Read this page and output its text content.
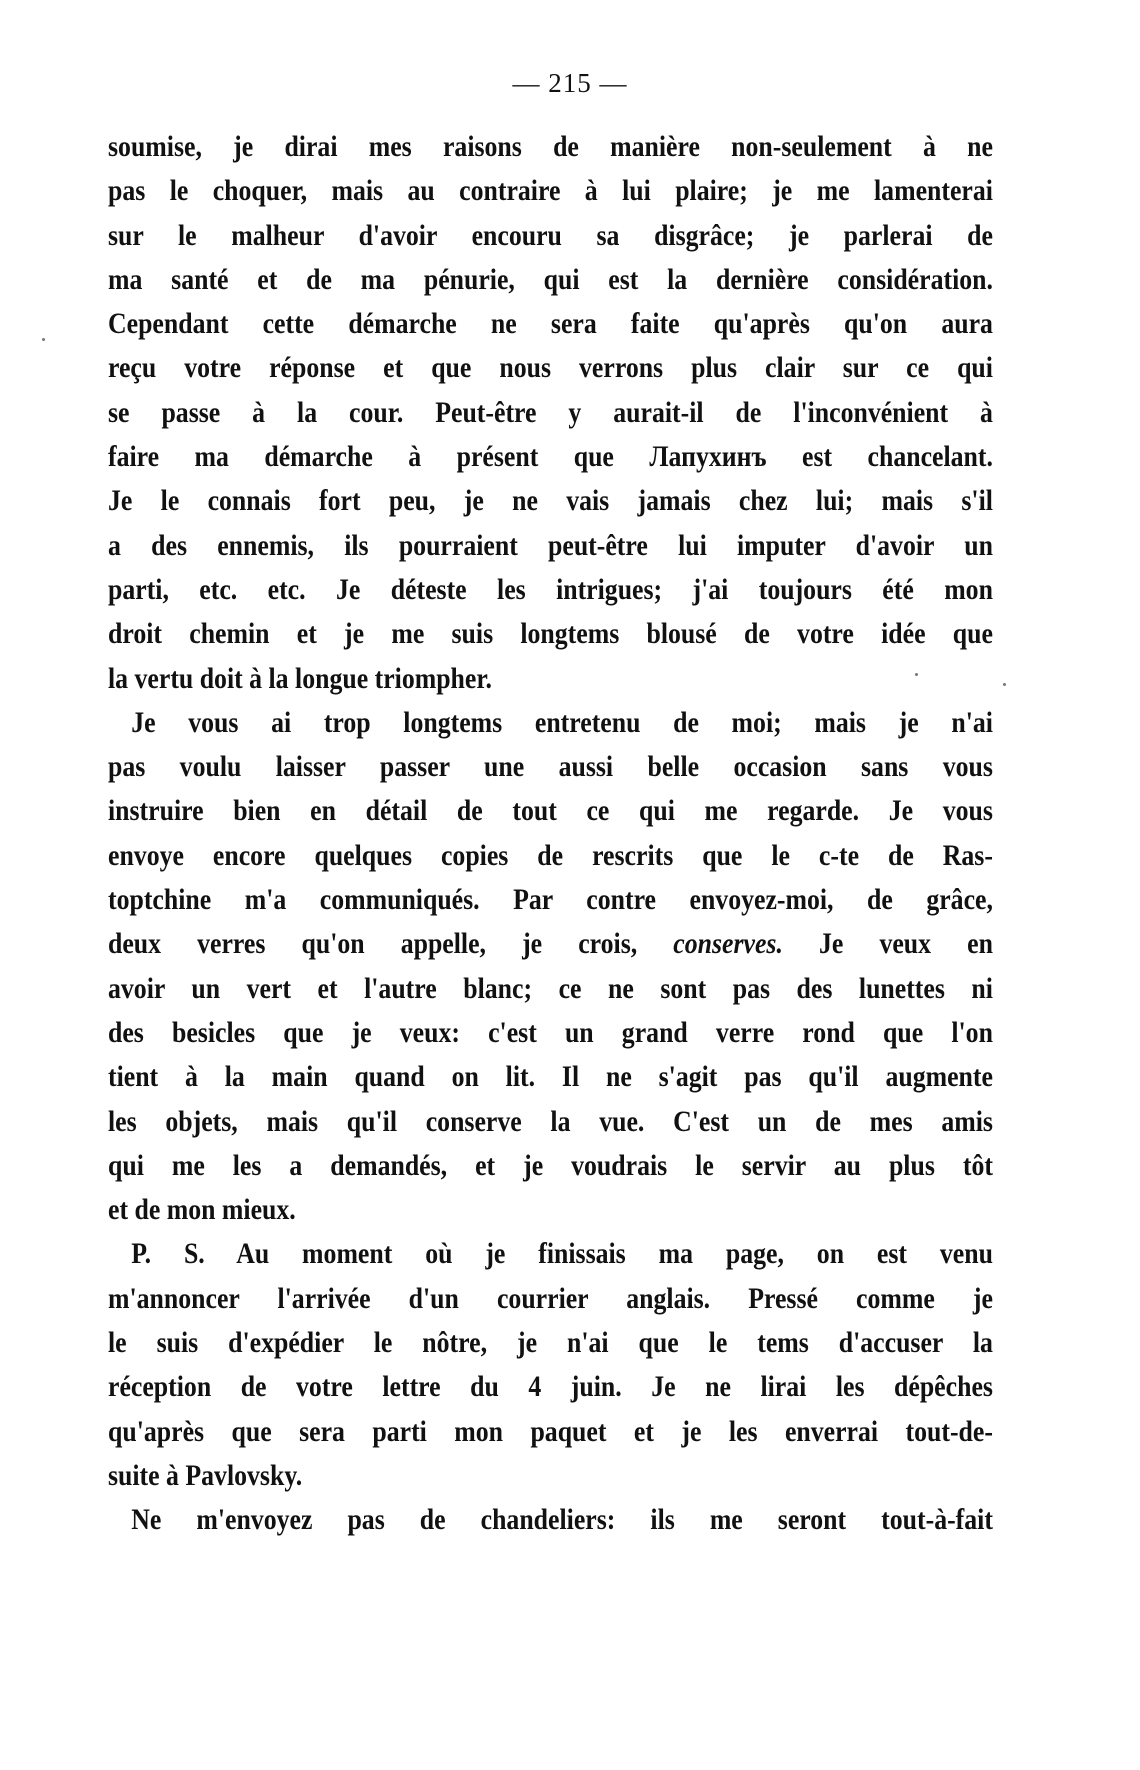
— 215 —
soumise, je dirai mes raisons de manière non-seulement à ne
pas le choquer, mais au contraire à lui plaire; je me lamenterai
sur le malheur d'avoir encouru sa disgrâce; je parlerai de
ma santé et de ma pénurie, qui est la dernière considération.
Cependant cette démarche ne sera faite qu'après qu'on aura
reçu votre réponse et que nous verrons plus clair sur ce qui
se passe à la cour. Peut-être y aurait-il de l'inconvénient à
faire ma démarche à présent que Лапухинъ est chancelant.
Je le connais fort peu, je ne vais jamais chez lui; mais s'il
a des ennemis, ils pourraient peut-être lui imputer d'avoir un
parti, etc. etc. Je déteste les intrigues; j'ai toujours été mon
droit chemin et je me suis longtems blousé de votre idée que
la vertu doit à la longue triompher.
Je vous ai trop longtems entretenu de moi; mais je n'ai
pas voulu laisser passer une aussi belle occasion sans vous
instruire bien en détail de tout ce qui me regarde. Je vous
envoye encore quelques copies de rescrits que le c-te de Ras-
toptchine m'a communiqués. Par contre envoyez-moi, de grâce,
deux verres qu'on appelle, je crois, conserves. Je veux en
avoir un vert et l'autre blanc; ce ne sont pas des lunettes ni
des besicles que je veux: c'est un grand verre rond que l'on
tient à la main quand on lit. Il ne s'agit pas qu'il augmente
les objets, mais qu'il conserve la vue. C'est un de mes amis
qui me les a demandés, et je voudrais le servir au plus tôt
et de mon mieux.
P. S. Au moment où je finissais ma page, on est venu
m'annoncer l'arrivée d'un courrier anglais. Pressé comme je
le suis d'expédier le nôtre, je n'ai que le tems d'accuser la
réception de votre lettre du 4 juin. Je ne lirai les dépêches
qu'après que sera parti mon paquet et je les enverrai tout-de-
suite à Pavlovsky.
Ne m'envoyez pas de chandeliers: ils me seront tout-à-fait
